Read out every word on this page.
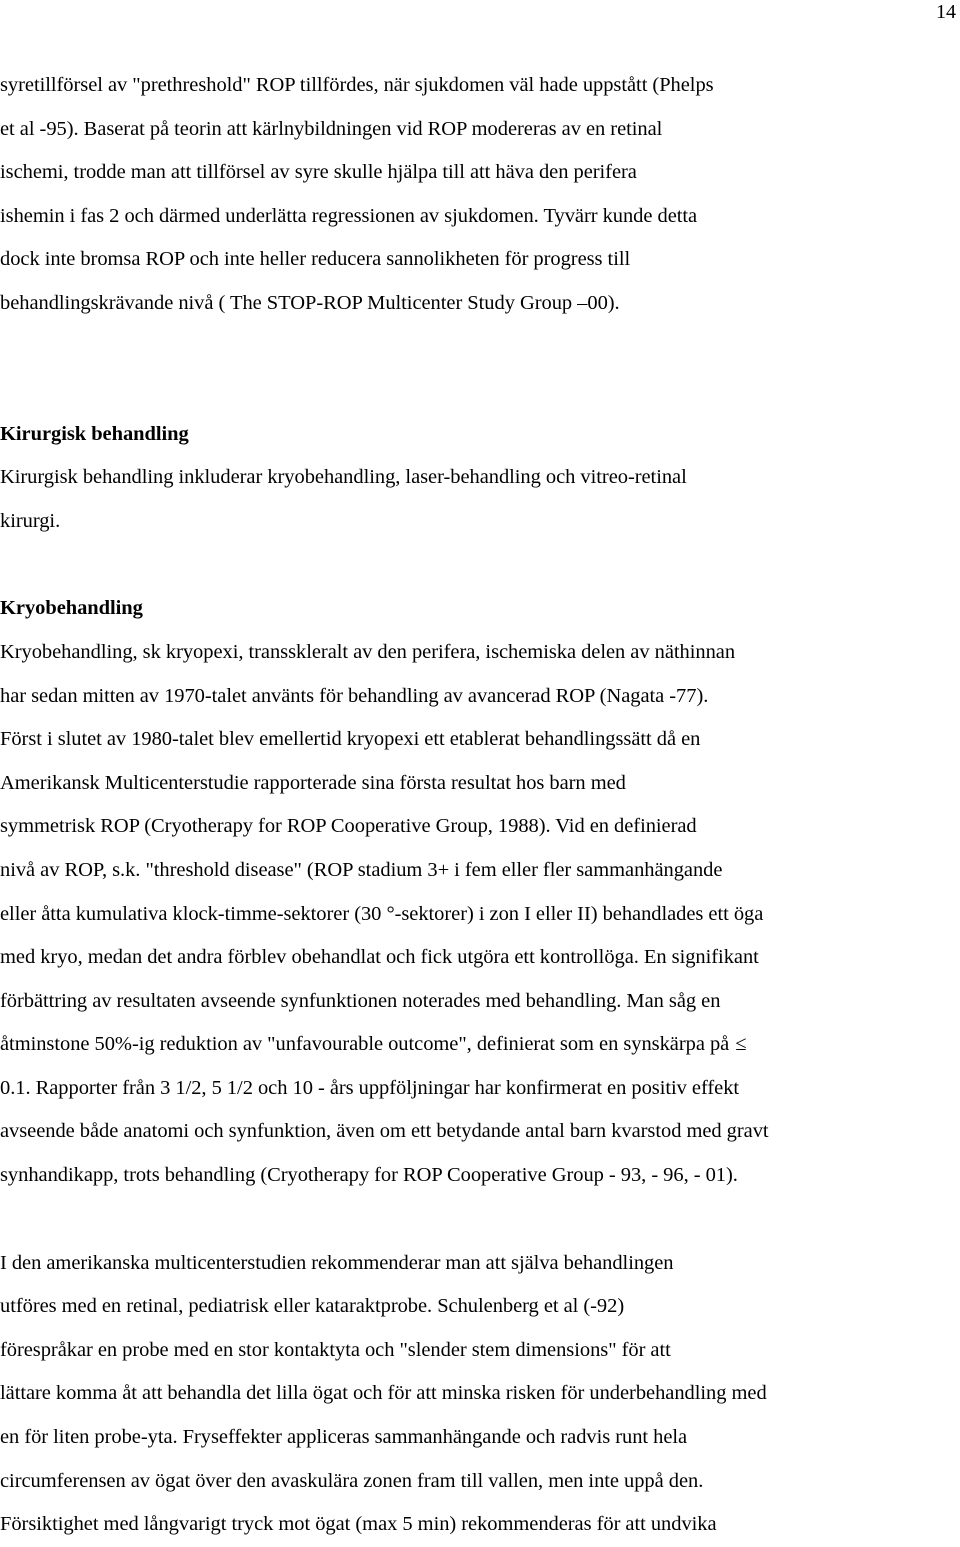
14
syretillförsel av "prethreshold" ROP tillfördes, när sjukdomen väl hade uppstått (Phelps
et al -95). Baserat på teorin att kärlnybildningen vid ROP modereras av en retinal
ischemi, trodde man att tillförsel av syre skulle hjälpa till att häva den perifera
ishemin i fas 2 och därmed underlätta regressionen av sjukdomen. Tyvärr kunde detta
dock inte bromsa ROP och inte heller reducera sannolikheten för progress till
behandlingskrävande nivå ( The STOP-ROP Multicenter Study Group –00).
Kirurgisk behandling
Kirurgisk behandling inkluderar kryobehandling, laser-behandling och vitreo-retinal
kirurgi.
Kryobehandling
Kryobehandling, sk kryopexi, transskleralt av den perifera, ischemiska delen av näthinnan
har sedan mitten av 1970-talet använts för behandling av avancerad ROP (Nagata -77).
Först i slutet av 1980-talet blev emellertid kryopexi ett etablerat behandlingssätt då en
Amerikansk Multicenterstudie rapporterade sina första resultat hos barn med
symmetrisk ROP (Cryotherapy for ROP Cooperative Group, 1988). Vid en definierad
nivå av ROP, s.k. "threshold disease" (ROP stadium 3+ i fem eller fler sammanhängande
eller åtta kumulativa klock-timme-sektorer (30 °-sektorer) i zon I eller II) behandlades ett öga
med kryo, medan det andra förblev obehandlat och fick utgöra ett kontrollöga. En signifikant
förbättring av resultaten avseende synfunktionen noterades med behandling. Man såg en
åtminstone 50%-ig reduktion av "unfavourable outcome", definierat som en synskärpa på ≤
0.1. Rapporter från 3 1/2, 5 1/2 och 10 - års uppföljningar har konfirmerat en positiv effekt
avseende både anatomi och synfunktion, även om ett betydande antal barn kvarstod med gravt
synhandikapp, trots behandling (Cryotherapy for ROP Cooperative Group - 93, - 96, - 01).
I den amerikanska multicenterstudien rekommenderar man att själva behandlingen
utföres med en retinal, pediatrisk eller kataraktprobe. Schulenberg et al (-92)
förespråkar en probe med en stor kontaktyta och "slender stem dimensions" för att
lättare komma åt att behandla det lilla ögat och för att minska risken för underbehandling med
en för liten probe-yta. Fryseffekter appliceras sammanhängande och radvis runt hela
circumferensen av ögat över den avaskulära zonen fram till vallen, men inte uppå den.
Försiktighet med långvarigt tryck mot ögat (max 5 min) rekommenderas för att undvika
